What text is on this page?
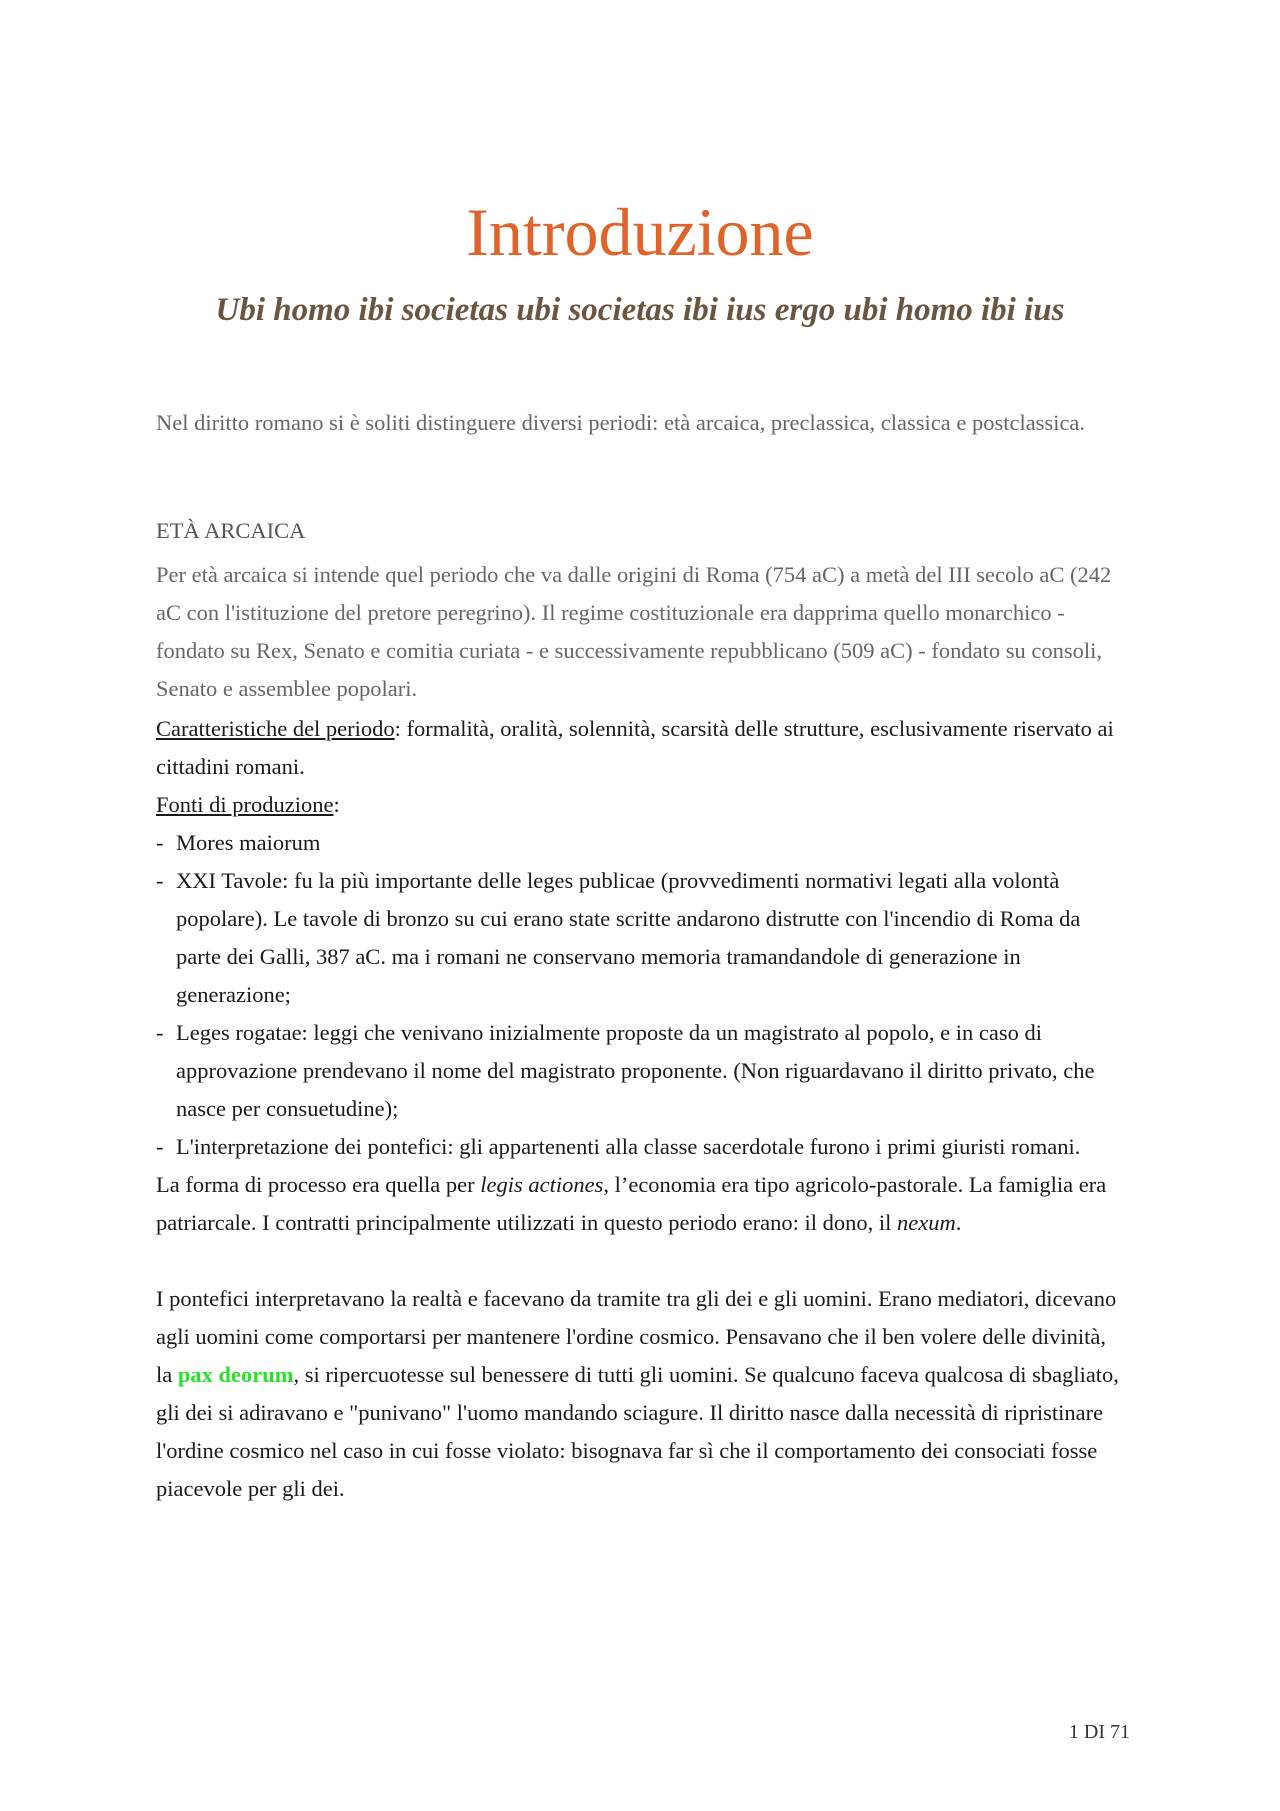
Introduzione
Ubi homo ibi societas ubi societas ibi ius ergo ubi homo ibi ius

Nel diritto romano si è soliti distinguere diversi periodi: età arcaica, preclassica, classica e postclassica.

ETÀ ARCAICA

Per età arcaica si intende quel periodo che va dalle origini di Roma (754 aC) a metà del III secolo aC (242 aC con l'istituzione del pretore peregrino). Il regime costituzionale era dapprima quello monarchico - fondato su Rex, Senato e comitia curiata - e successivamente repubblicano (509 aC) - fondato su consoli, Senato e assemblee popolari.

Caratteristiche del periodo: formalità, oralità, solennità, scarsità delle strutture, esclusivamente riservato ai cittadini romani.

Fonti di produzione:

- Mores maiorum
- XXI Tavole: fu la più importante delle leges publicae (provvedimenti normativi legati alla volontà popolare). Le tavole di bronzo su cui erano state scritte andarono distrutte con l'incendio di Roma da parte dei Galli, 387 aC. ma i romani ne conservano memoria tramandandole di generazione in generazione;
- Leges rogatae: leggi che venivano inizialmente proposte da un magistrato al popolo, e in caso di approvazione prendevano il nome del magistrato proponente. (Non riguardavano il diritto privato, che nasce per consuetudine);
- L'interpretazione dei pontefici: gli appartenenti alla classe sacerdotale furono i primi giuristi romani.

La forma di processo era quella per legis actiones, l’economia era tipo agricolo-pastorale. La famiglia era patriarcale. I contratti principalmente utilizzati in questo periodo erano: il dono, il nexum.

I pontefici interpretavano la realtà e facevano da tramite tra gli dei e gli uomini. Erano mediatori, dicevano agli uomini come comportarsi per mantenere l'ordine cosmico. Pensavano che il ben volere delle divinità, la pax deorum, si ripercuotesse sul benessere di tutti gli uomini. Se qualcuno faceva qualcosa di sbagliato, gli dei si adiravano e "punivano" l'uomo mandando sciagure. Il diritto nasce dalla necessità di ripristinare l'ordine cosmico nel caso in cui fosse violato: bisognava far sì che il comportamento dei consociati fosse piacevole per gli dei.

1 DI 71
